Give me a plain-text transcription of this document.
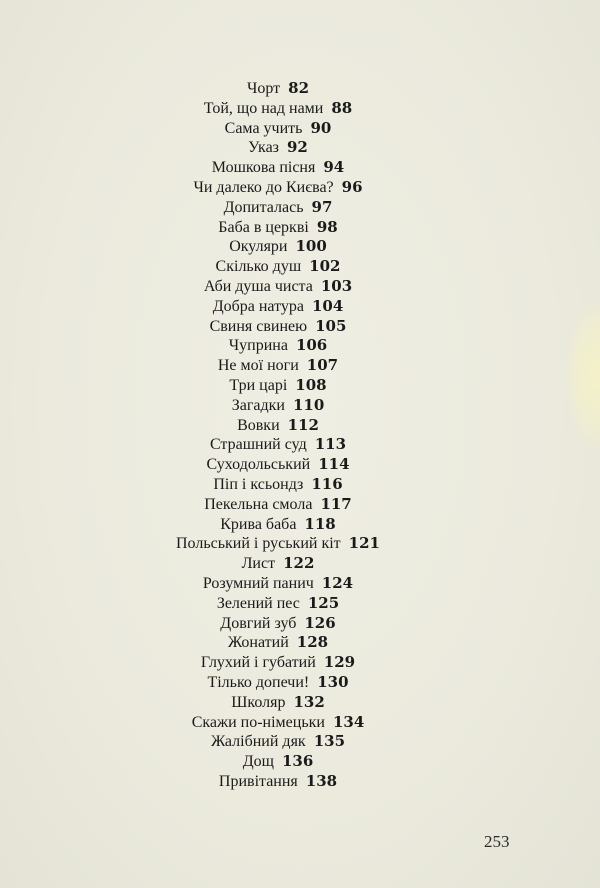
Чорт 82
Той, що над нами 88
Сама учить 90
Указ 92
Мошкова пісня 94
Чи далеко до Києва? 96
Допиталась 97
Баба в церкві 98
Окуляри 100
Скілько душ 102
Аби душа чиста 103
Добра натура 104
Свиня свинею 105
Чуприна 106
Не мої ноги 107
Три царі 108
Загадки 110
Вовки 112
Страшний суд 113
Суходольський 114
Піп і ксьондз 116
Пекельна смола 117
Крива баба 118
Польський і руський кіт 121
Лист 122
Розумний панич 124
Зелений пес 125
Довгий зуб 126
Жонатий 128
Глухий і губатий 129
Тілько допечи! 130
Школяр 132
Скажи по-німецьки 134
Жалібний дяк 135
Дощ 136
Привітання 138
253
